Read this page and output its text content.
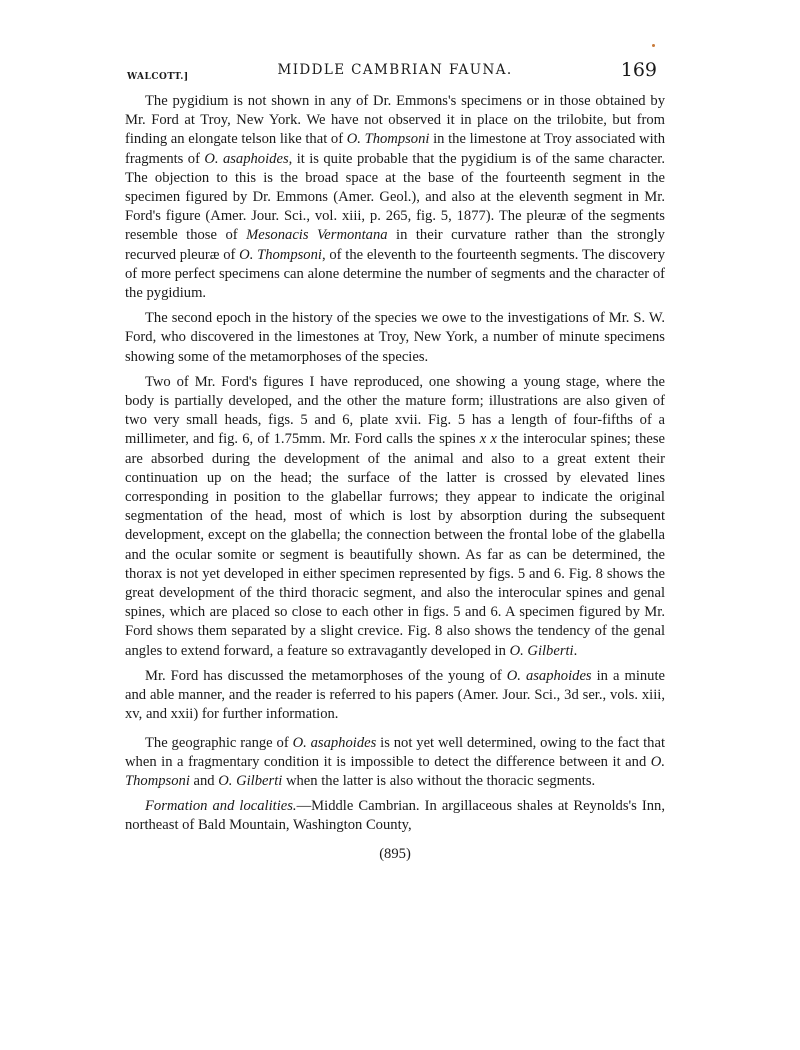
WALCOTT.]	MIDDLE CAMBRIAN FAUNA.	169

The pygidium is not shown in any of Dr. Emmons's specimens or in those obtained by Mr. Ford at Troy, New York. We have not observed it in place on the trilobite, but from finding an elongate telson like that of O. Thompsoni in the limestone at Troy associated with fragments of O. asaphoides, it is quite probable that the pygidium is of the same character. The objection to this is the broad space at the base of the fourteenth segment in the specimen figured by Dr. Emmons (Amer. Geol.), and also at the eleventh segment in Mr. Ford's figure (Amer. Jour. Sci., vol. xiii, p. 265, fig. 5, 1877). The pleuræ of the segments resemble those of Mesonacis Vermontana in their curvature rather than the strongly recurved pleuræ of O. Thompsoni, of the eleventh to the fourteenth segments. The discovery of more perfect specimens can alone determine the number of segments and the character of the pygidium.

The second epoch in the history of the species we owe to the investigations of Mr. S. W. Ford, who discovered in the limestones at Troy, New York, a number of minute specimens showing some of the metamorphoses of the species.

Two of Mr. Ford's figures I have reproduced, one showing a young stage, where the body is partially developed, and the other the mature form; illustrations are also given of two very small heads, figs. 5 and 6, plate xvii. Fig. 5 has a length of four-fifths of a millimeter, and fig. 6, of 1.75mm. Mr. Ford calls the spines x x the interocular spines; these are absorbed during the development of the animal and also to a great extent their continuation up on the head; the surface of the latter is crossed by elevated lines corresponding in position to the glabellar furrows; they appear to indicate the original segmentation of the head, most of which is lost by absorption during the subsequent development, except on the glabella; the connection between the frontal lobe of the glabella and the ocular somite or segment is beautifully shown. As far as can be determined, the thorax is not yet developed in either specimen represented by figs. 5 and 6. Fig. 8 shows the great development of the third thoracic segment, and also the interocular spines and genal spines, which are placed so close to each other in figs. 5 and 6. A specimen figured by Mr. Ford shows them separated by a slight crevice. Fig. 8 also shows the tendency of the genal angles to extend forward, a feature so extravagantly developed in O. Gilberti.

Mr. Ford has discussed the metamorphoses of the young of O. asaphoides in a minute and able manner, and the reader is referred to his papers (Amer. Jour. Sci., 3d ser., vols. xiii, xv, and xxii) for further information.

The geographic range of O. asaphoides is not yet well determined, owing to the fact that when in a fragmentary condition it is impossible to detect the difference between it and O. Thompsoni and O. Gilberti when the latter is also without the thoracic segments.

Formation and localities.—Middle Cambrian. In argillaceous shales at Reynolds's Inn, northeast of Bald Mountain, Washington County,

(895)
